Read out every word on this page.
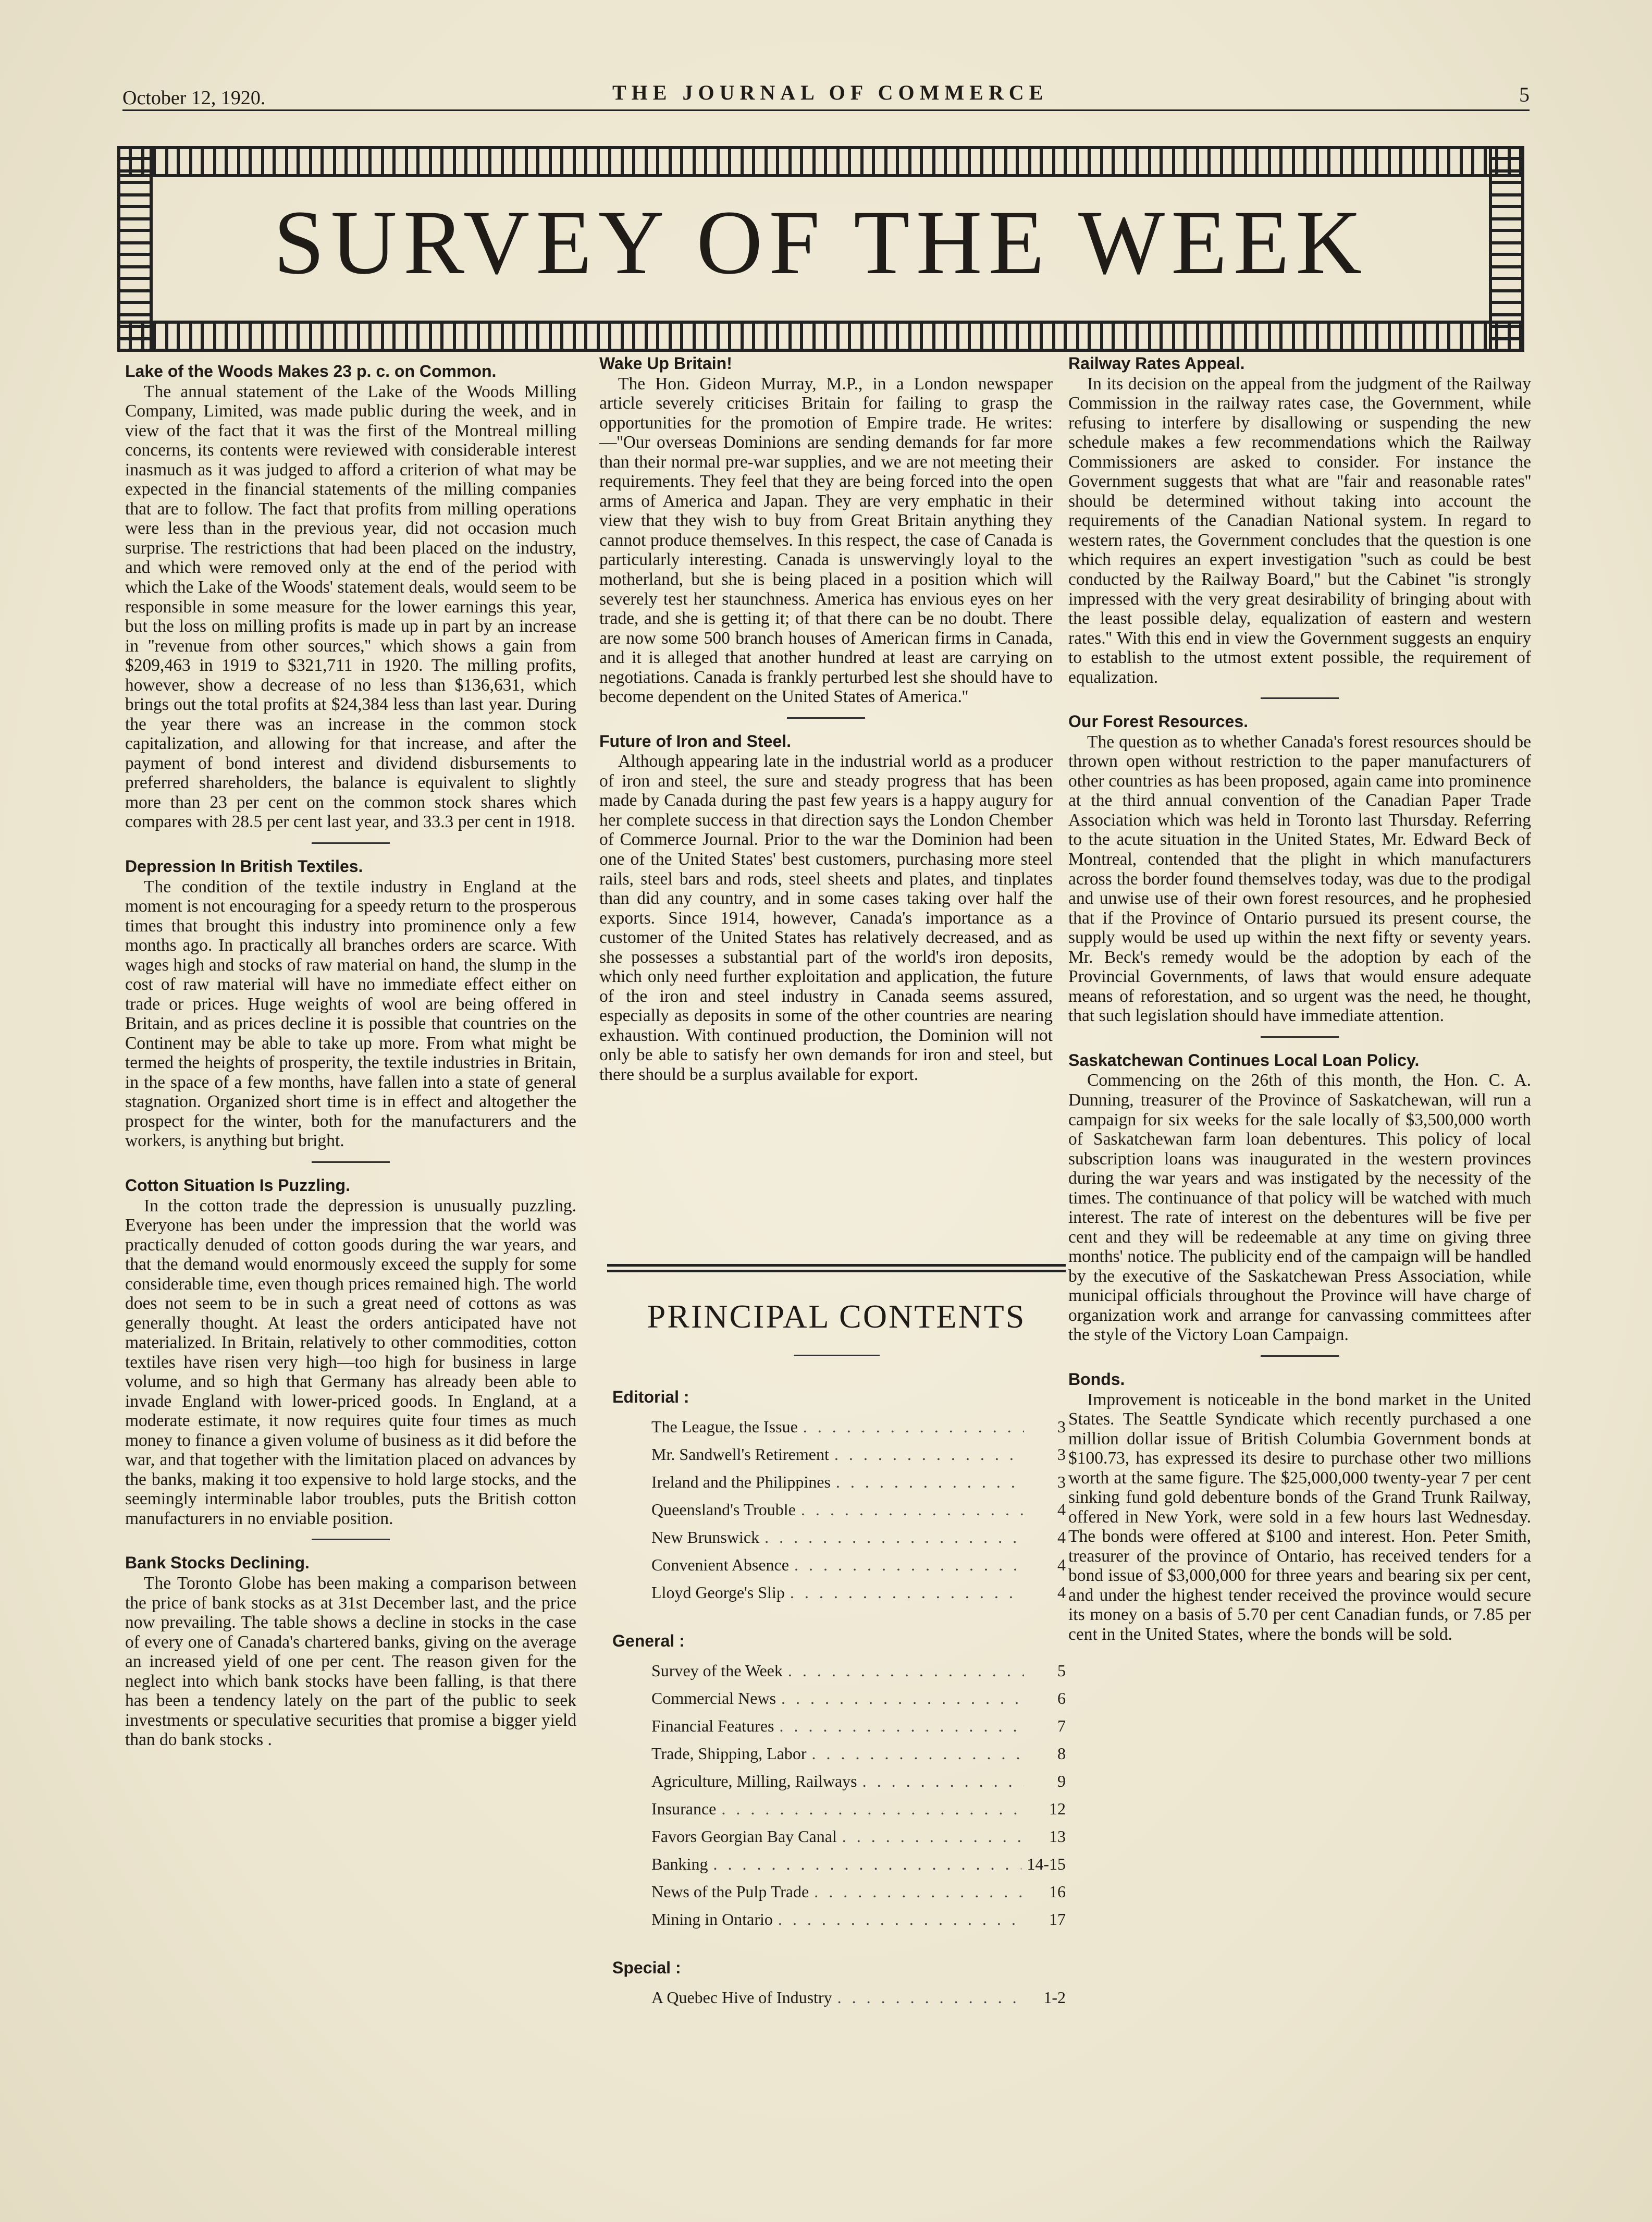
October 12, 1920.	THE JOURNAL OF COMMERCE	5
SURVEY OF THE WEEK
Lake of the Woods Makes 23 p. c. on Common.

The annual statement of the Lake of the Woods Milling Company, Limited, was made public during the week, and in view of the fact that it was the first of the Montreal milling concerns, its contents were reviewed with considerable interest inasmuch as it was judged to afford a criterion of what may be expected in the financial statements of the milling companies that are to follow. The fact that profits from milling operations were less than in the previous year, did not occasion much surprise. The restrictions that had been placed on the industry, and which were removed only at the end of the period with which the Lake of the Woods' statement deals, would seem to be responsible in some measure for the lower earnings this year, but the loss on milling profits is made up in part by an increase in ''revenue from other sources,'' which shows a gain from $209,463 in 1919 to $321,711 in 1920. The milling profits, however, show a decrease of no less than $136,631, which brings out the total profits at $24,384 less than last year. During the year there was an increase in the common stock capitalization, and allowing for that increase, and after the payment of bond interest and dividend disbursements to preferred shareholders, the balance is equivalent to slightly more than 23 per cent on the common stock shares which compares with 28.5 per cent last year, and 33.3 per cent in 1918.

Depression In British Textiles.

The condition of the textile industry in England at the moment is not encouraging for a speedy return to the prosperous times that brought this industry into prominence only a few months ago. In practically all branches orders are scarce. With wages high and stocks of raw material on hand, the slump in the cost of raw material will have no immediate effect either on trade or prices. Huge weights of wool are being offered in Britain, and as prices decline it is possible that countries on the Continent may be able to take up more. From what might be termed the heights of prosperity, the textile industries in Britain, in the space of a few months, have fallen into a state of general stagnation. Organized short time is in effect and altogether the prospect for the winter, both for the manufacturers and the workers, is anything but bright.

Cotton Situation Is Puzzling.

In the cotton trade the depression is unusually puzzling. Everyone has been under the impression that the world was practically denuded of cotton goods during the war years, and that the demand would enormously exceed the supply for some considerable time, even though prices remained high. The world does not seem to be in such a great need of cottons as was generally thought. At least the orders anticipated have not materialized. In Britain, relatively to other commodities, cotton textiles have risen very high—too high for business in large volume, and so high that Germany has already been able to invade England with lower-priced goods. In England, at a moderate estimate, it now requires quite four times as much money to finance a given volume of business as it did before the war, and that together with the limitation placed on advances by the banks, making it too expensive to hold large stocks, and the seemingly interminable labor troubles, puts the British cotton manufacturers in no enviable position.

Bank Stocks Declining.

The Toronto Globe has been making a comparison between the price of bank stocks as at 31st December last, and the price now prevailing. The table shows a decline in stocks in the case of every one of Canada's chartered banks, giving on the average an increased yield of one per cent. The reason given for the neglect into which bank stocks have been falling, is that there has been a tendency lately on the part of the public to seek investments or speculative securities that promise a bigger yield than do bank stocks .

Wake Up Britain!

The Hon. Gideon Murray, M.P., in a London newspaper article severely criticises Britain for failing to grasp the opportunities for the promotion of Empire trade. He writes:—''Our overseas Dominions are sending demands for far more than their normal pre-war supplies, and we are not meeting their requirements. They feel that they are being forced into the open arms of America and Japan. They are very emphatic in their view that they wish to buy from Great Britain anything they cannot produce themselves. In this respect, the case of Canada is particularly interesting. Canada is unswervingly loyal to the motherland, but she is being placed in a position which will severely test her staunchness. America has envious eyes on her trade, and she is getting it; of that there can be no doubt. There are now some 500 branch houses of American firms in Canada, and it is alleged that another hundred at least are carrying on negotiations. Canada is frankly perturbed lest she should have to become dependent on the United States of America.''

Future of Iron and Steel.

Although appearing late in the industrial world as a producer of iron and steel, the sure and steady progress that has been made by Canada during the past few years is a happy augury for her complete success in that direction says the London Chember of Commerce Journal. Prior to the war the Dominion had been one of the United States' best customers, purchasing more steel rails, steel bars and rods, steel sheets and plates, and tinplates than did any country, and in some cases taking over half the exports. Since 1914, however, Canada's importance as a customer of the United States has relatively decreased, and as she possesses a substantial part of the world's iron deposits, which only need further exploitation and application, the future of the iron and steel industry in Canada seems assured, especially as deposits in some of the other countries are nearing exhaustion. With continued production, the Dominion will not only be able to satisfy her own demands for iron and steel, but there should be a surplus available for export.

PRINCIPAL CONTENTS
Editorial :
The League, the Issue . . .	3
Mr. Sandwell's Retirement . . .	3
Ireland and the Philippines . . .	3
Queensland's Trouble . . .	4
New Brunswick . . .	4
Convenient Absence . . .	4
Lloyd George's Slip . . .	4
General :
Survey of the Week . . .	5
Commercial News . . .	6
Financial Features . . .	7
Trade, Shipping, Labor . . .	8
Agriculture, Milling, Railways . . .	9
Insurance . . .	12
Favors Georgian Bay Canal . . .	13
Banking . . .	14-15
News of the Pulp Trade . . .	16
Mining in Ontario . . .	17
Special :
A Quebec Hive of Industry . . .	1-2
Railway Rates Appeal.

In its decision on the appeal from the judgment of the Railway Commission in the railway rates case, the Government, while refusing to interfere by disallowing or suspending the new schedule makes a few recommendations which the Railway Commissioners are asked to consider. For instance the Government suggests that what are ''fair and reasonable rates'' should be determined without taking into account the requirements of the Canadian National system. In regard to western rates, the Government concludes that the question is one which requires an expert investigation ''such as could be best conducted by the Railway Board,'' but the Cabinet ''is strongly impressed with the very great desirability of bringing about with the least possible delay, equalization of eastern and western rates.'' With this end in view the Government suggests an enquiry to establish to the utmost extent possible, the requirement of equalization.

Our Forest Resources.

The question as to whether Canada's forest resources should be thrown open without restriction to the paper manufacturers of other countries as has been proposed, again came into prominence at the third annual convention of the Canadian Paper Trade Association which was held in Toronto last Thursday. Referring to the acute situation in the United States, Mr. Edward Beck of Montreal, contended that the plight in which manufacturers across the border found themselves today, was due to the prodigal and unwise use of their own forest resources, and he prophesied that if the Province of Ontario pursued its present course, the supply would be used up within the next fifty or seventy years. Mr. Beck's remedy would be the adoption by each of the Provincial Governments, of laws that would ensure adequate means of reforestation, and so urgent was the need, he thought, that such legislation should have immediate attention.

Saskatchewan Continues Local Loan Policy.

Commencing on the 26th of this month, the Hon. C. A. Dunning, treasurer of the Province of Saskatchewan, will run a campaign for six weeks for the sale locally of $3,500,000 worth of Saskatchewan farm loan debentures. This policy of local subscription loans was inaugurated in the western provinces during the war years and was instigated by the necessity of the times. The continuance of that policy will be watched with much interest. The rate of interest on the debentures will be five per cent and they will be redeemable at any time on giving three months' notice. The publicity end of the campaign will be handled by the executive of the Saskatchewan Press Association, while municipal officials throughout the Province will have charge of organization work and arrange for canvassing committees after the style of the Victory Loan Campaign.

Bonds.

Improvement is noticeable in the bond market in the United States. The Seattle Syndicate which recently purchased a one million dollar issue of British Columbia Government bonds at $100.73, has expressed its desire to purchase other two millions worth at the same figure. The $25,000,000 twenty-year 7 per cent sinking fund gold debenture bonds of the Grand Trunk Railway, offered in New York, were sold in a few hours last Wednesday. The bonds were offered at $100 and interest. Hon. Peter Smith, treasurer of the province of Ontario, has received tenders for a bond issue of $3,000,000 for three years and bearing six per cent, and under the highest tender received the province would secure its money on a basis of 5.70 per cent Canadian funds, or 7.85 per cent in the United States, where the bonds will be sold.
